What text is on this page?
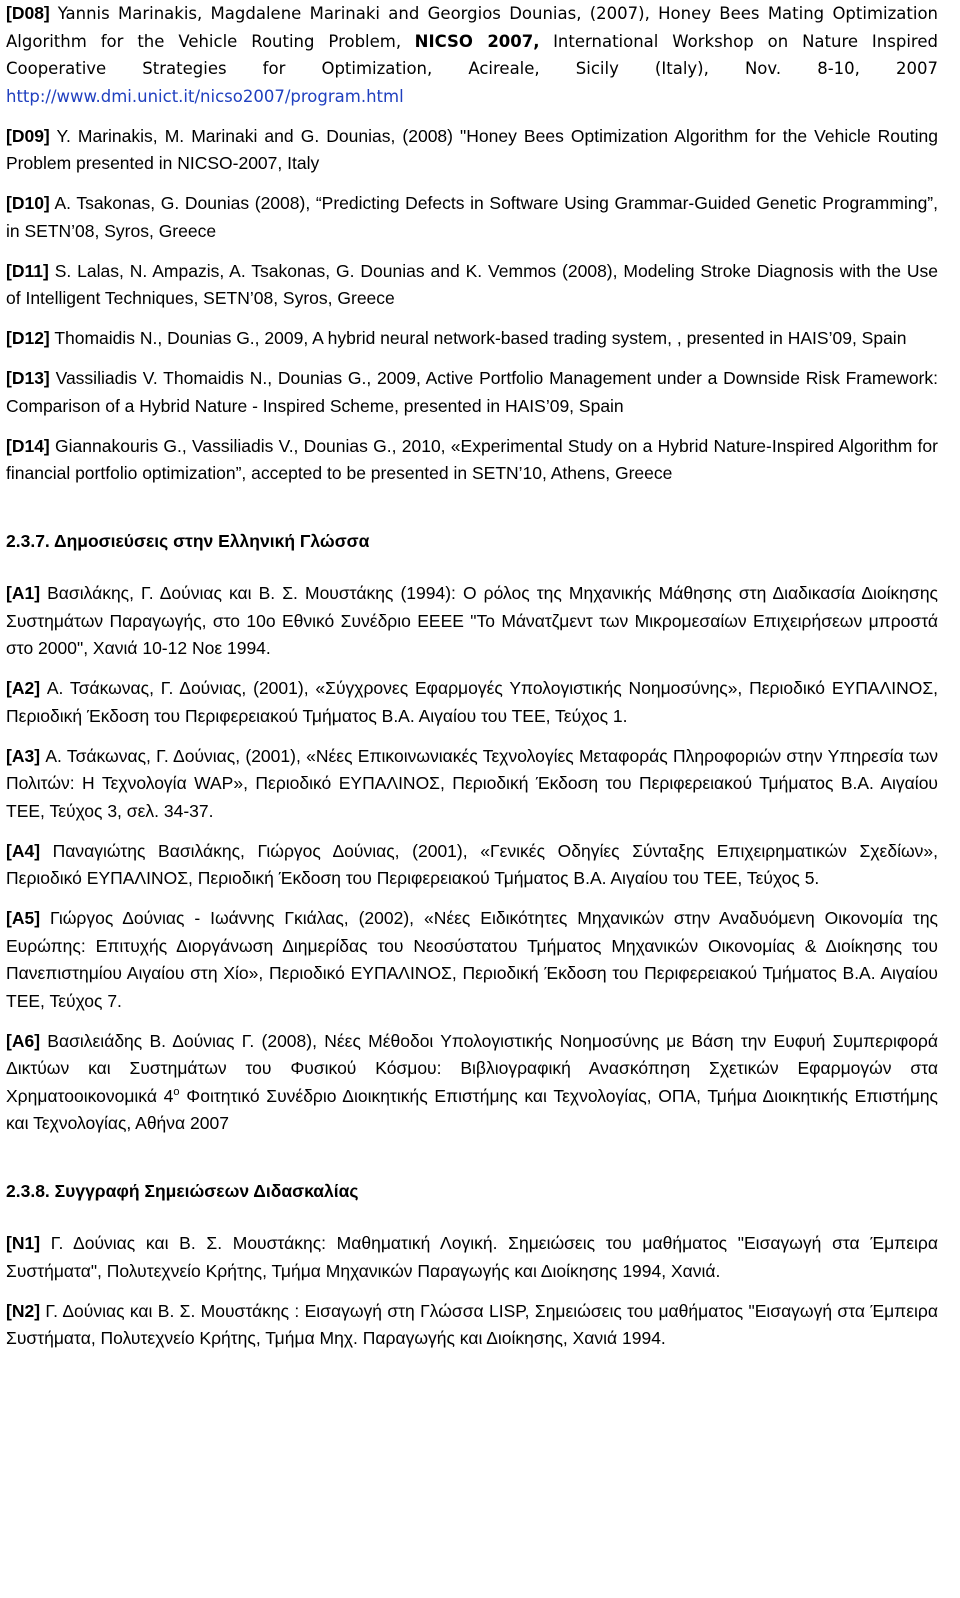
[D08] Yannis Marinakis, Magdalene Marinaki and Georgios Dounias, (2007), Honey Bees Mating Optimization Algorithm for the Vehicle Routing Problem, NICSO 2007, International Workshop on Nature Inspired Cooperative Strategies for Optimization, Acireale, Sicily (Italy), Nov. 8-10, 2007 http://www.dmi.unict.it/nicso2007/program.html

[D09] Y. Marinakis, M. Marinaki and G. Dounias, (2008) "Honey Bees Optimization Algorithm for the Vehicle Routing Problem presented in NICSO-2007, Italy

[D10] A. Tsakonas, G. Dounias (2008), “Predicting Defects in Software Using Grammar-Guided Genetic Programming”, in SETN’08, Syros, Greece

[D11] S. Lalas, N. Ampazis, A. Tsakonas, G. Dounias and K. Vemmos (2008), Modeling Stroke Diagnosis with the Use of Intelligent Techniques, SETN’08, Syros, Greece

[D12] Thomaidis N., Dounias G., 2009, A hybrid neural network-based trading system, , presented in HAIS’09, Spain

[D13] Vassiliadis V. Thomaidis N., Dounias G., 2009, Active Portfolio Management under a Downside Risk Framework: Comparison of a Hybrid Nature - Inspired Scheme, presented in HAIS’09, Spain

[D14] Giannakouris G., Vassiliadis V., Dounias G., 2010, «Experimental Study on a Hybrid Nature-Inspired Algorithm for financial portfolio optimization”, accepted to be presented in SETN’10, Athens, Greece

2.3.7. Δημοσιεύσεις στην Ελληνική Γλώσσα

[A1] Βασιλάκης, Γ. Δούνιας και Β. Σ. Μουστάκης (1994): Ο ρόλος της Μηχανικής Μάθησης στη Διαδικασία Διοίκησης Συστημάτων Παραγωγής, στο 10ο Εθνικό Συνέδριο ΕΕΕΕ "Το Μάνατζμεντ των Μικρομεσαίων Επιχειρήσεων μπροστά στο 2000", Χανιά 10-12 Νοε 1994.

[A2] Α. Τσάκωνας, Γ. Δούνιας, (2001), «Σύγχρονες Εφαρμογές Υπολογιστικής Νοημοσύνης», Περιοδικό ΕΥΠΑΛΙΝΟΣ, Περιοδική Έκδοση του Περιφερειακού Τμήματος Β.Α. Αιγαίου του ΤΕΕ, Τεύχος 1.

[A3] Α. Τσάκωνας, Γ. Δούνιας, (2001), «Νέες Επικοινωνιακές Τεχνολογίες Μεταφοράς Πληροφοριών στην Υπηρεσία των Πολιτών: Η Τεχνολογία WAP», Περιοδικό ΕΥΠΑΛΙΝΟΣ, Περιοδική Έκδοση του Περιφερειακού Τμήματος Β.Α. Αιγαίου ΤΕΕ, Τεύχος 3, σελ. 34-37.

[A4] Παναγιώτης Βασιλάκης, Γιώργος Δούνιας, (2001), «Γενικές Οδηγίες Σύνταξης Επιχειρηματικών Σχεδίων», Περιοδικό ΕΥΠΑΛΙΝΟΣ, Περιοδική Έκδοση του Περιφερειακού Τμήματος Β.Α. Αιγαίου του ΤΕΕ, Τεύχος 5.

[A5] Γιώργος Δούνιας - Ιωάννης Γκιάλας, (2002), «Νέες Ειδικότητες Μηχανικών στην Αναδυόμενη Οικονομία της Ευρώπης: Επιτυχής Διοργάνωση Διημερίδας του Νεοσύστατου Τμήματος Μηχανικών Οικονομίας & Διοίκησης του Πανεπιστημίου Αιγαίου στη Χίο», Περιοδικό ΕΥΠΑΛΙΝΟΣ, Περιοδική Έκδοση του Περιφερειακού Τμήματος Β.Α. Αιγαίου ΤΕΕ, Τεύχος 7.

[A6] Βασιλειάδης Β. Δούνιας Γ. (2008), Νέες Μέθοδοι Υπολογιστικής Νοημοσύνης με Βάση την Ευφυή Συμπεριφορά Δικτύων και Συστημάτων του Φυσικού Κόσμου: Βιβλιογραφική Ανασκόπηση Σχετικών Εφαρμογών στα Χρηματοοικονομικά $4^o$ Φοιτητικό Συνέδριο Διοικητικής Επιστήμης και Τεχνολογίας, ΟΠΑ, Τμήμα Διοικητικής Επιστήμης και Τεχνολογίας, Αθήνα 2007

2.3.8. Συγγραφή Σημειώσεων Διδασκαλίας

[N1] Γ. Δούνιας και Β. Σ. Μουστάκης: Μαθηματική Λογική. Σημειώσεις του μαθήματος "Εισαγωγή στα Έμπειρα Συστήματα", Πολυτεχνείο Κρήτης, Τμήμα Μηχανικών Παραγωγής και Διοίκησης 1994, Χανιά.

[N2] Γ. Δούνιας και Β. Σ. Μουστάκης : Εισαγωγή στη Γλώσσα LISP, Σημειώσεις του μαθήματος "Εισαγωγή στα Έμπειρα Συστήματα, Πολυτεχνείο Κρήτης, Τμήμα Μηχ. Παραγωγής και Διοίκησης, Χανιά 1994.
